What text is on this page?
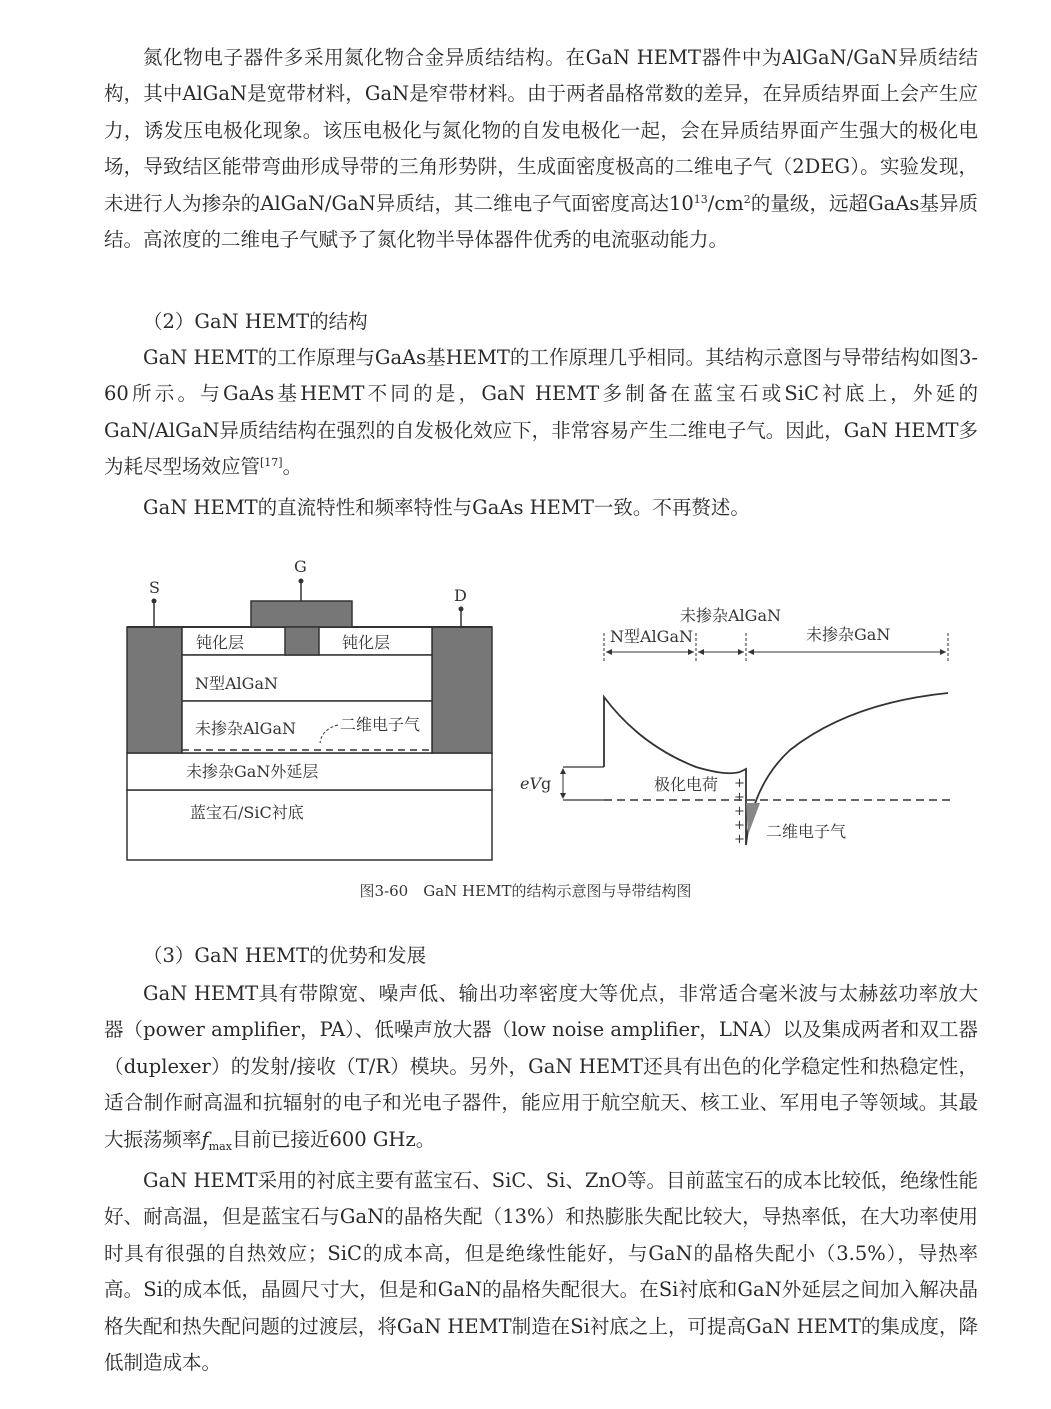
氮化物电子器件多采用氮化物合金异质结结构。在GaN HEMT器件中为AlGaN/GaN异质结结构，其中AlGaN是宽带材料，GaN是窄带材料。由于两者晶格常数的差异，在异质结界面上会产生应力，诱发压电极化现象。该压电极化与氮化物的自发电极化一起，会在异质结界面产生强大的极化电场，导致结区能带弯曲形成导带的三角形势阱，生成面密度极高的二维电子气（2DEG）。实验发现，未进行人为掺杂的AlGaN/GaN异质结，其二维电子气面密度高达$10^{13}/cm^2$的量级，远超GaAs基异质结。高浓度的二维电子气赋予了氮化物半导体器件优秀的电流驱动能力。

（2）GaN HEMT的结构

GaN HEMT的工作原理与GaAs基HEMT的工作原理几乎相同。其结构示意图与导带结构如图3-60所示。与GaAs基HEMT不同的是，GaN HEMT多制备在蓝宝石或SiC衬底上，外延的GaN/AlGaN异质结结构在强烈的自发极化效应下，非常容易产生二维电子气。因此，GaN HEMT多为耗尽型场效应管[17]。

GaN HEMT的直流特性和频率特性与GaAs HEMT一致。不再赘述。

S
G
D
钝化层	钝化层
N型AlGaN
未掺杂AlGaN	二维电子气
未掺杂GaN外延层
蓝宝石/SiC衬底
未掺杂AlGaN
N型AlGaN	未掺杂GaN
eVg	+
+
+
+
+
极化电荷
二维电子气
图3-60　GaN HEMT的结构示意图与导带结构图

（3）GaN HEMT的优势和发展

GaN HEMT具有带隙宽、噪声低、输出功率密度大等优点，非常适合毫米波与太赫兹功率放大器（power amplifier，PA）、低噪声放大器（low noise amplifier，LNA）以及集成两者和双工器（duplexer）的发射/接收（T/R）模块。另外，GaN HEMT还具有出色的化学稳定性和热稳定性，适合制作耐高温和抗辐射的电子和光电子器件，能应用于航空航天、核工业、军用电子等领域。其最大振荡频率$f_{max}$目前已接近600 GHz。

GaN HEMT采用的衬底主要有蓝宝石、SiC、Si、ZnO等。目前蓝宝石的成本比较低，绝缘性能好、耐高温，但是蓝宝石与GaN的晶格失配（13%）和热膨胀失配比较大，导热率低，在大功率使用时具有很强的自热效应；SiC的成本高，但是绝缘性能好，与GaN的晶格失配小（3.5%），导热率高。Si的成本低，晶圆尺寸大，但是和GaN的晶格失配很大。在Si衬底和GaN外延层之间加入解决晶格失配和热失配问题的过渡层，将GaN HEMT制造在Si衬底之上，可提高GaN HEMT的集成度，降低制造成本。
